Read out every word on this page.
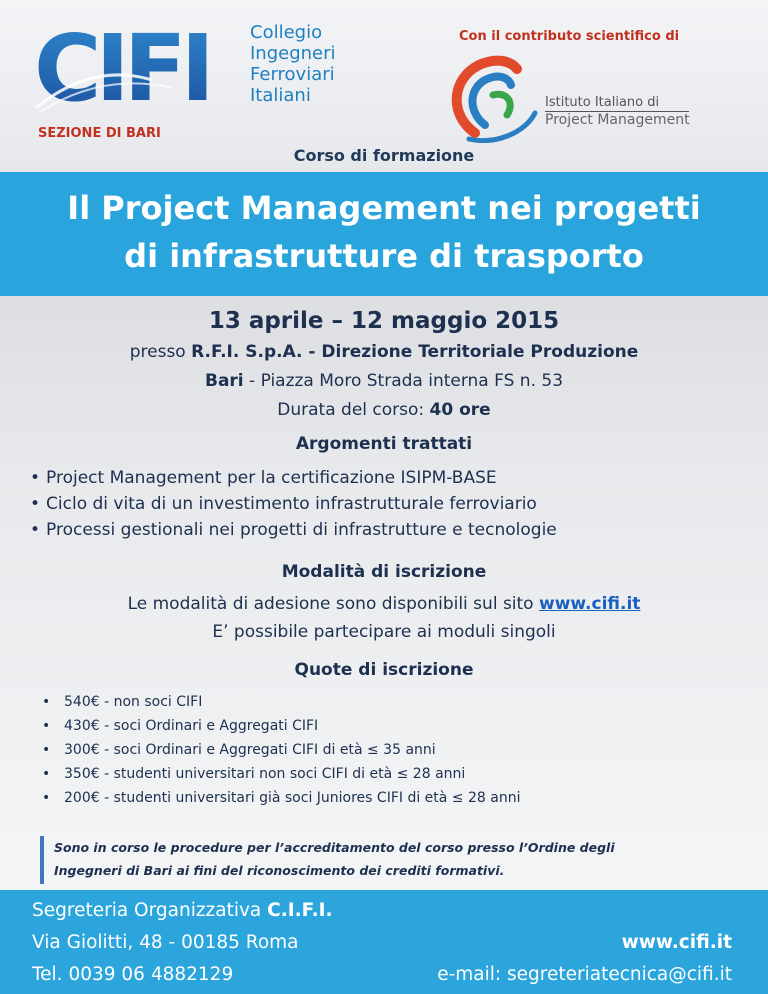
CIFI Collegio
Ingegneri
Ferroviari
Italiani
SEZIONE DI BARI
Con il contributo scientifico di
Istituto Italiano di
Project Management
Corso di formazione
Il Project Management nei progetti
di infrastrutture di trasporto
13 aprile – 12 maggio 2015
presso R.F.I. S.p.A. - Direzione Territoriale Produzione
Bari - Piazza Moro Strada interna FS n. 53
Durata del corso: 40 ore
Argomenti trattati
• Project Management per la certificazione ISIPM-BASE
• Ciclo di vita di un investimento infrastrutturale ferroviario
• Processi gestionali nei progetti di infrastrutture e tecnologie
Modalità di iscrizione
Le modalità di adesione sono disponibili sul sito www.cifi.it
E’ possibile partecipare ai moduli singoli
Quote di iscrizione
• 540€ - non soci CIFI
• 430€ - soci Ordinari e Aggregati CIFI
• 300€ - soci Ordinari e Aggregati CIFI di età ≤ 35 anni
• 350€ - studenti universitari non soci CIFI di età ≤ 28 anni
• 200€ - studenti universitari già soci Juniores CIFI di età ≤ 28 anni
Sono in corso le procedure per l’accreditamento del corso presso l’Ordine degli
Ingegneri di Bari ai fini del riconoscimento dei crediti formativi.
Segreteria Organizzativa C.I.F.I.
Via Giolitti, 48 - 00185 Roma
Tel. 0039 06 4882129
www.cifi.it
e-mail: segreteriatecnica@cifi.it
